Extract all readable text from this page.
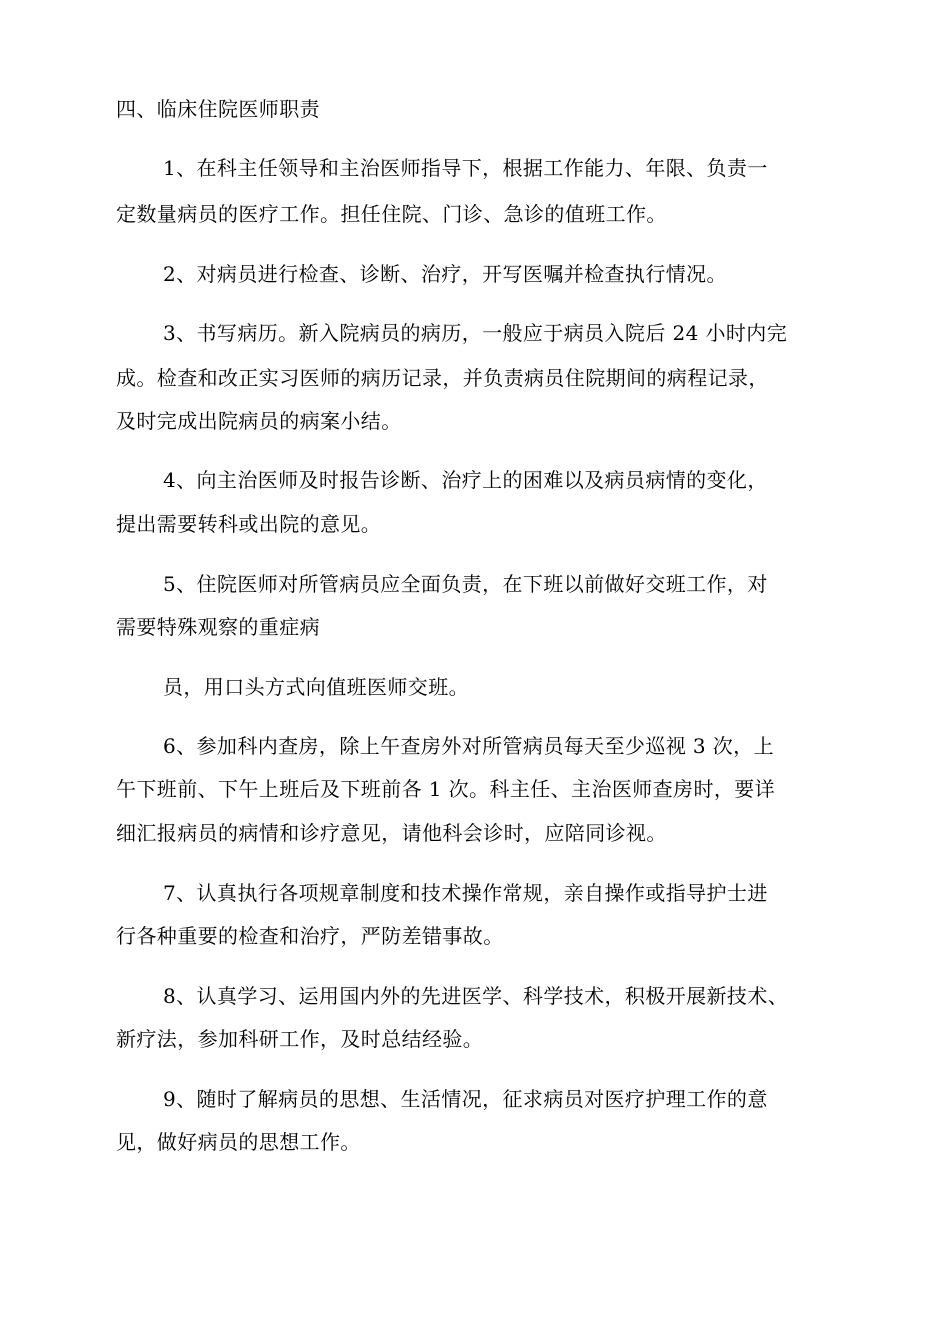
四、临床住院医师职责
1、在科主任领导和主治医师指导下，根据工作能力、年限、负责一
定数量病员的医疗工作。担任住院、门诊、急诊的值班工作。
2、对病员进行检查、诊断、治疗，开写医嘱并检查执行情况。
3、书写病历。新入院病员的病历，一般应于病员入院后 24 小时内完
成。检查和改正实习医师的病历记录，并负责病员住院期间的病程记录，
及时完成出院病员的病案小结。
4、向主治医师及时报告诊断、治疗上的困难以及病员病情的变化，
提出需要转科或出院的意见。
5、住院医师对所管病员应全面负责，在下班以前做好交班工作，对
需要特殊观察的重症病
员，用口头方式向值班医师交班。
6、参加科内查房，除上午查房外对所管病员每天至少巡视 3 次，上
午下班前、下午上班后及下班前各 1 次。科主任、主治医师查房时，要详
细汇报病员的病情和诊疗意见，请他科会诊时，应陪同诊视。
7、认真执行各项规章制度和技术操作常规，亲自操作或指导护士进
行各种重要的检查和治疗，严防差错事故。
8、认真学习、运用国内外的先进医学、科学技术，积极开展新技术、
新疗法，参加科研工作，及时总结经验。
9、随时了解病员的思想、生活情况，征求病员对医疗护理工作的意
见，做好病员的思想工作。
